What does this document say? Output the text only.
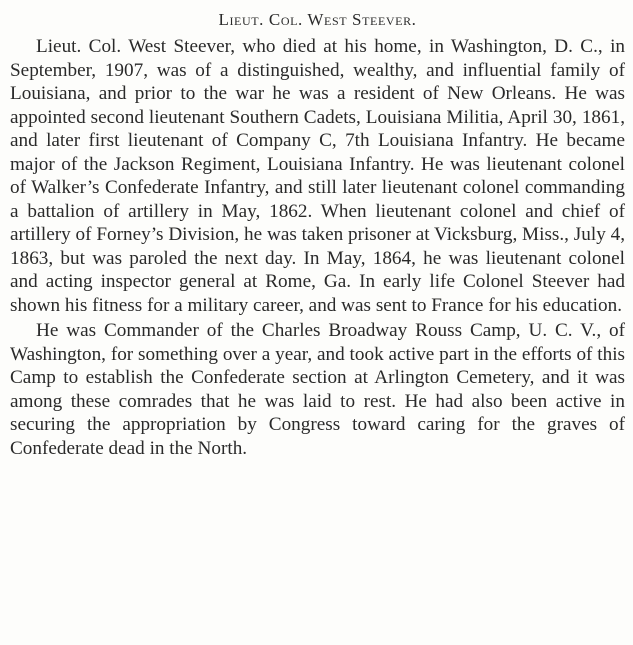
Lieut. Col. West Steever.

Lieut. Col. West Steever, who died at his home, in Washington, D. C., in September, 1907, was of a distinguished, wealthy, and influential family of Louisiana, and prior to the war he was a resident of New Orleans. He was appointed second lieutenant Southern Cadets, Louisiana Militia, April 30, 1861, and later first lieutenant of Company C, 7th Louisiana Infantry. He became major of the Jackson Regiment, Louisiana Infantry. He was lieutenant colonel of Walker’s Confederate Infantry, and still later lieutenant colonel commanding a battalion of artillery in May, 1862. When lieutenant colonel and chief of artillery of Forney’s Division, he was taken prisoner at Vicksburg, Miss., July 4, 1863, but was paroled the next day. In May, 1864, he was lieutenant colonel and acting inspector general at Rome, Ga. In early life Colonel Steever had shown his fitness for a military career, and was sent to France for his education.

He was Commander of the Charles Broadway Rouss Camp, U. C. V., of Washington, for something over a year, and took active part in the efforts of this Camp to establish the Confederate section at Arlington Cemetery, and it was among these comrades that he was laid to rest. He had also been active in securing the appropriation by Congress toward caring for the graves of Confederate dead in the North.
